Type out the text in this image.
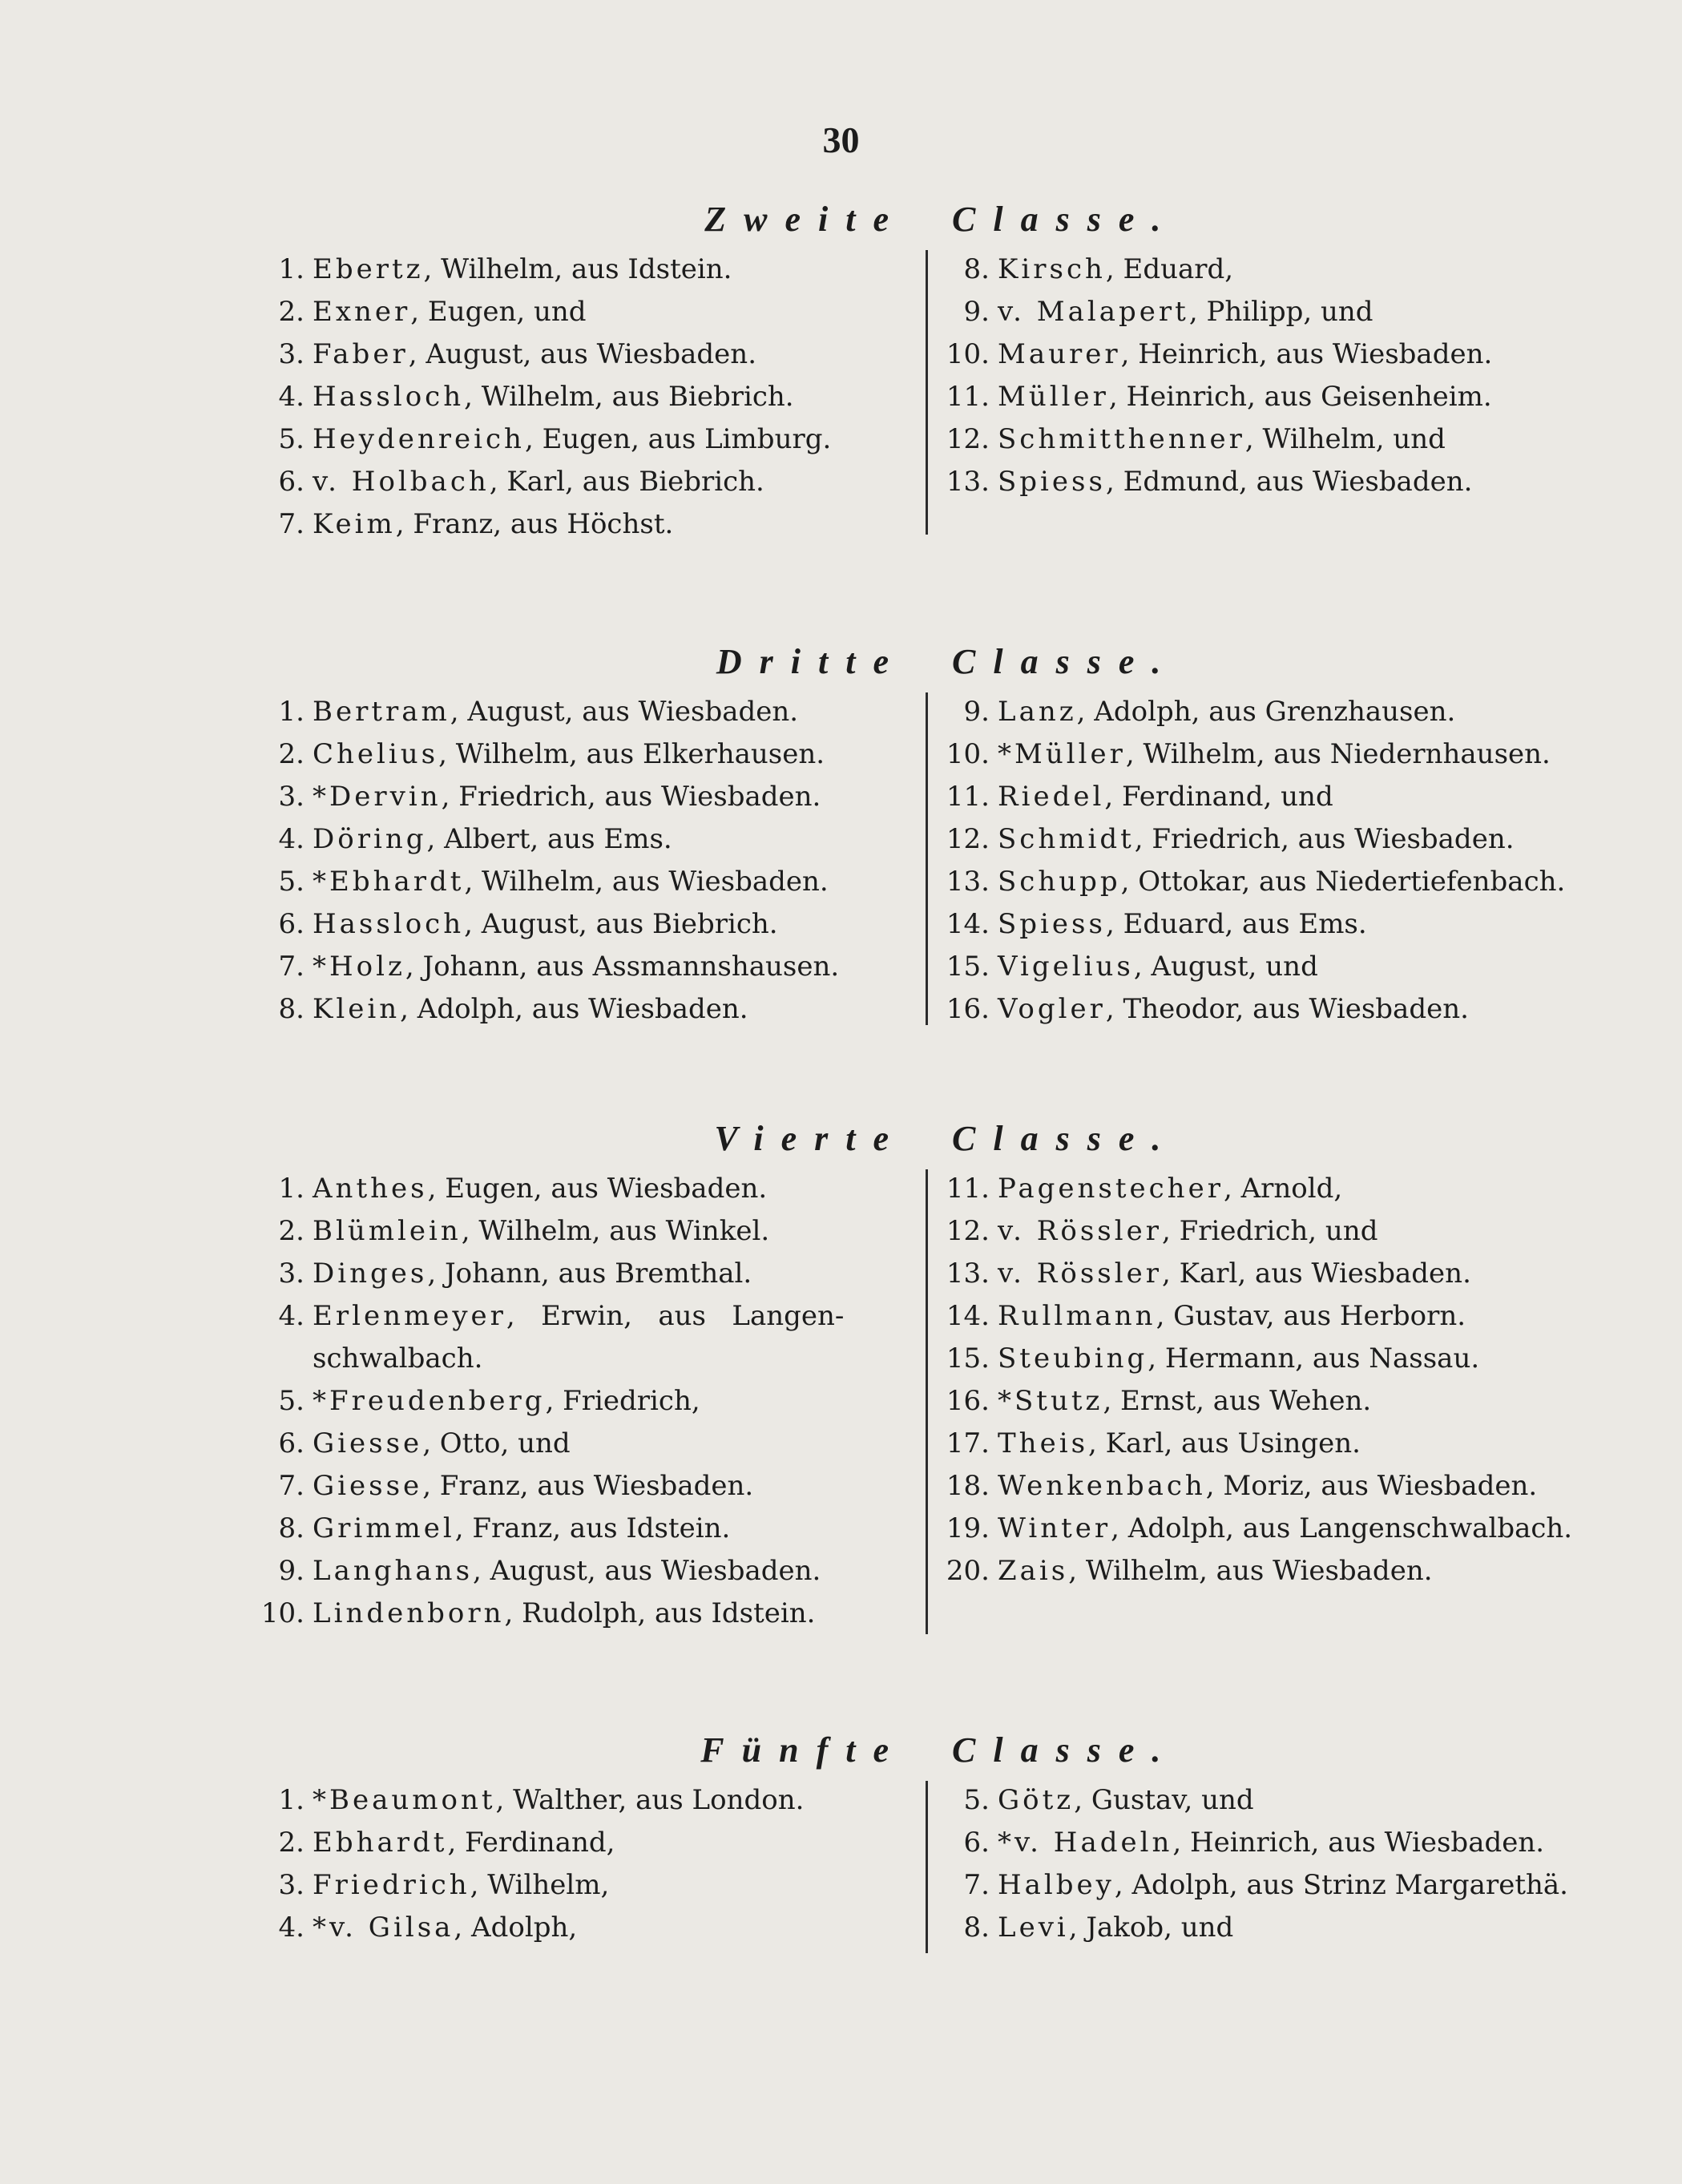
30
Zweite Classe.
1. Ebertz, Wilhelm, aus Idstein.
2. Exner, Eugen, und
3. Faber, August, aus Wiesbaden.
4. Hassloch, Wilhelm, aus Biebrich.
5. Heydenreich, Eugen, aus Limburg.
6. v. Holbach, Karl, aus Biebrich.
7. Keim, Franz, aus Höchst.
8. Kirsch, Eduard,
9. v. Malapert, Philipp, und
10. Maurer, Heinrich, aus Wiesbaden.
11. Müller, Heinrich, aus Geisenheim.
12. Schmitthenner, Wilhelm, und
13. Spiess, Edmund, aus Wiesbaden.
Dritte Classe.
1. Bertram, August, aus Wiesbaden.
2. Chelius, Wilhelm, aus Elkerhausen.
3. *Dervin, Friedrich, aus Wiesbaden.
4. Döring, Albert, aus Ems.
5. *Ebhardt, Wilhelm, aus Wiesbaden.
6. Hassloch, August, aus Biebrich.
7. *Holz, Johann, aus Assmannshausen.
8. Klein, Adolph, aus Wiesbaden.
9. Lanz, Adolph, aus Grenzhausen.
10. *Müller, Wilhelm, aus Niedernhausen.
11. Riedel, Ferdinand, und
12. Schmidt, Friedrich, aus Wiesbaden.
13. Schupp, Ottokar, aus Niedertiefenbach.
14. Spiess, Eduard, aus Ems.
15. Vigelius, August, und
16. Vogler, Theodor, aus Wiesbaden.
Vierte Classe.
1. Anthes, Eugen, aus Wiesbaden.
2. Blümlein, Wilhelm, aus Winkel.
3. Dinges, Johann, aus Bremthal.
4. Erlenmeyer,   Erwin,   aus   Langen-
schwalbach.
5. *Freudenberg, Friedrich,
6. Giesse, Otto, und
7. Giesse, Franz, aus Wiesbaden.
8. Grimmel, Franz, aus Idstein.
9. Langhans, August, aus Wiesbaden.
10. Lindenborn, Rudolph, aus Idstein.
11. Pagenstecher, Arnold,
12. v. Rössler, Friedrich, und
13. v. Rössler, Karl, aus Wiesbaden.
14. Rullmann, Gustav, aus Herborn.
15. Steubing, Hermann, aus Nassau.
16. *Stutz, Ernst, aus Wehen.
17. Theis, Karl, aus Usingen.
18. Wenkenbach, Moriz, aus Wiesbaden.
19. Winter, Adolph, aus Langenschwalbach.
20. Zais, Wilhelm, aus Wiesbaden.
Fünfte Classe.
1. *Beaumont, Walther, aus London.
2. Ebhardt, Ferdinand,
3. Friedrich, Wilhelm,
4. *v. Gilsa, Adolph,
5. Götz, Gustav, und
6. *v. Hadeln, Heinrich, aus Wiesbaden.
7. Halbey, Adolph, aus Strinz Margarethä.
8. Levi, Jakob, und
